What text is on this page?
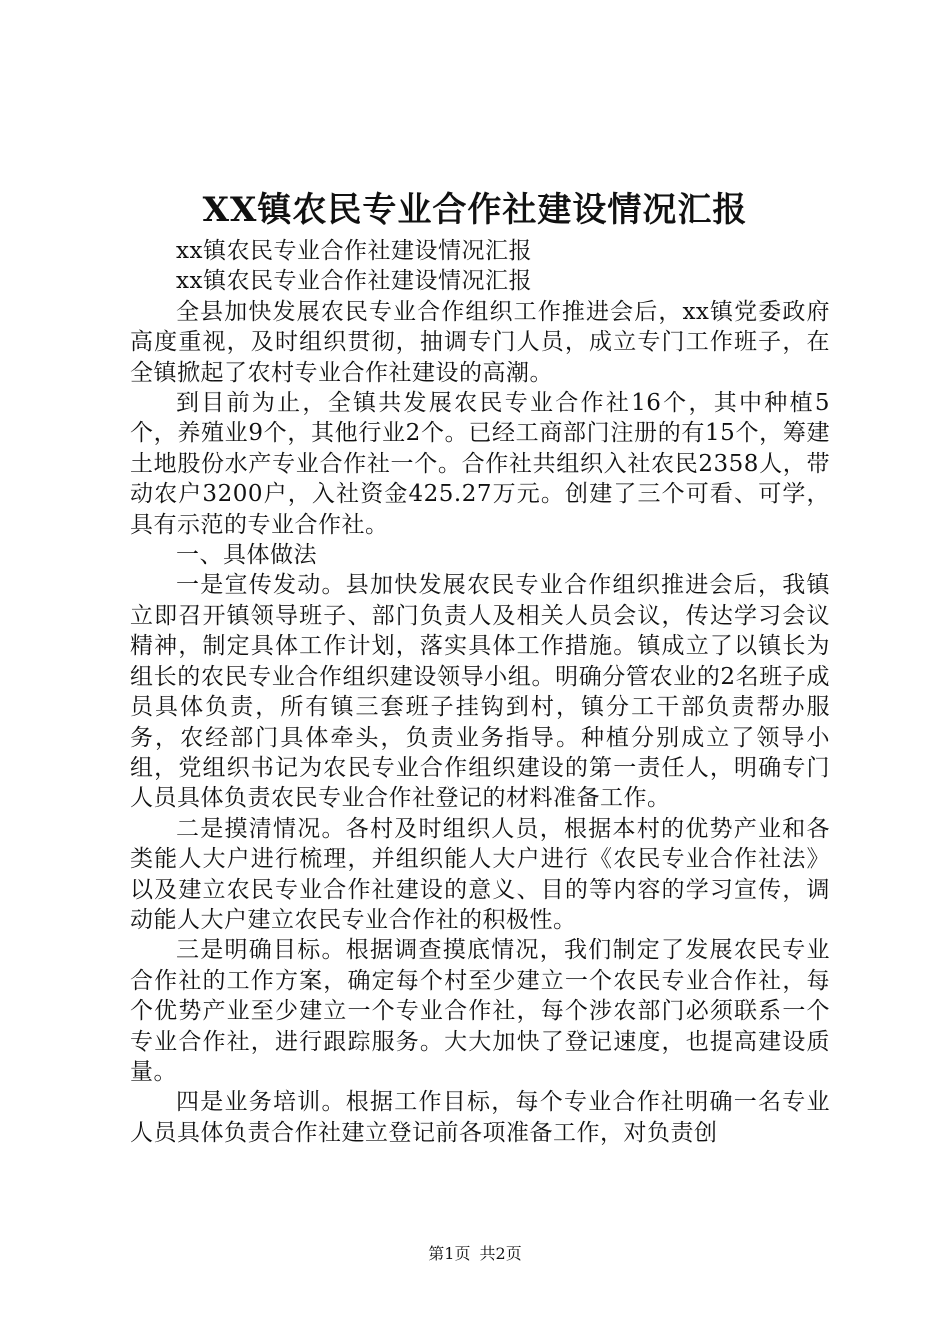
XX镇农民专业合作社建设情况汇报

xx镇农民专业合作社建设情况汇报

xx镇农民专业合作社建设情况汇报

全县加快发展农民专业合作组织工作推进会后，xx镇党委政府高度重视，及时组织贯彻，抽调专门人员，成立专门工作班子，在全镇掀起了农村专业合作社建设的高潮。

到目前为止，全镇共发展农民专业合作社16个，其中种植5个，养殖业9个，其他行业2个。已经工商部门注册的有15个，筹建土地股份水产专业合作社一个。合作社共组织入社农民2358人，带动农户3200户，入社资金425.27万元。创建了三个可看、可学，具有示范的专业合作社。

一、具体做法

一是宣传发动。县加快发展农民专业合作组织推进会后，我镇立即召开镇领导班子、部门负责人及相关人员会议，传达学习会议精神，制定具体工作计划，落实具体工作措施。镇成立了以镇长为组长的农民专业合作组织建设领导小组。明确分管农业的2名班子成员具体负责，所有镇三套班子挂钩到村，镇分工干部负责帮办服务，农经部门具体牵头，负责业务指导。种植分别成立了领导小组，党组织书记为农民专业合作组织建设的第一责任人，明确专门人员具体负责农民专业合作社登记的材料准备工作。

二是摸清情况。各村及时组织人员，根据本村的优势产业和各类能人大户进行梳理，并组织能人大户进行《农民专业合作社法》以及建立农民专业合作社建设的意义、目的等内容的学习宣传，调动能人大户建立农民专业合作社的积极性。

三是明确目标。根据调查摸底情况，我们制定了发展农民专业合作社的工作方案，确定每个村至少建立一个农民专业合作社，每个优势产业至少建立一个专业合作社，每个涉农部门必须联系一个专业合作社，进行跟踪服务。大大加快了登记速度，也提高建设质量。

四是业务培训。根据工作目标，每个专业合作社明确一名专业人员具体负责合作社建立登记前各项准备工作，对负责创

第1页 共2页
